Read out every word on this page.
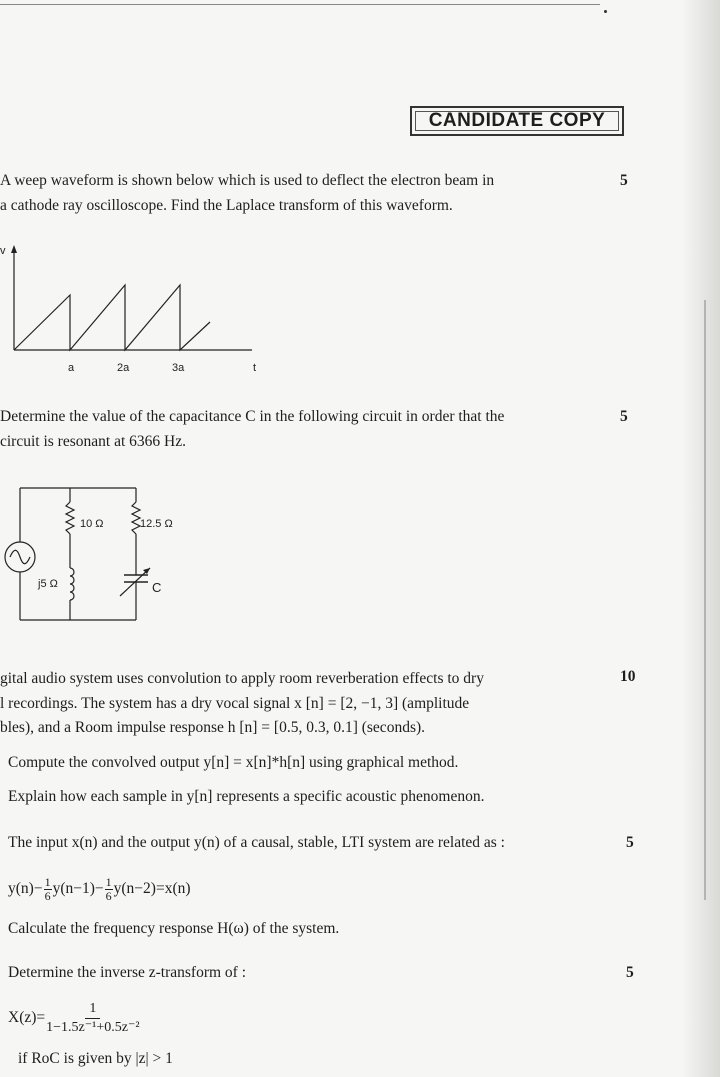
CANDIDATE COPY
A weep waveform is shown below which is used to deflect the electron beam in
a cathode ray oscilloscope. Find the Laplace transform of this waveform.
5
v
a	2a	3a	t
Determine the value of the capacitance C in the following circuit in order that the
circuit is resonant at 6366 Hz.
5
10 Ω	12.5 Ω
j5 Ω	C
gital audio system uses convolution to apply room reverberation effects to dry
l recordings. The system has a dry vocal signal x [n] = [2, −1, 3] (amplitude
bles), and a Room impulse response h [n] = [0.5, 0.3, 0.1] (seconds).
Compute the convolved output y[n] = x[n]*h[n] using graphical method.
Explain how each sample in y[n] represents a specific acoustic phenomenon.
10
The input x(n) and the output y(n) of a causal, stable, LTI system are related as :	5
$y(n)- \frac{1}{6} y(n-1)- \frac{1}{6} y(n-2)=x(n)$
Calculate the frequency response H(ω) of the system.
Determine the inverse z-transform of :	5
$X(z)= \frac{1}{\text{1−1.5z⁻¹+0.5z⁻²}}$
if RoC is given by |z| > 1
